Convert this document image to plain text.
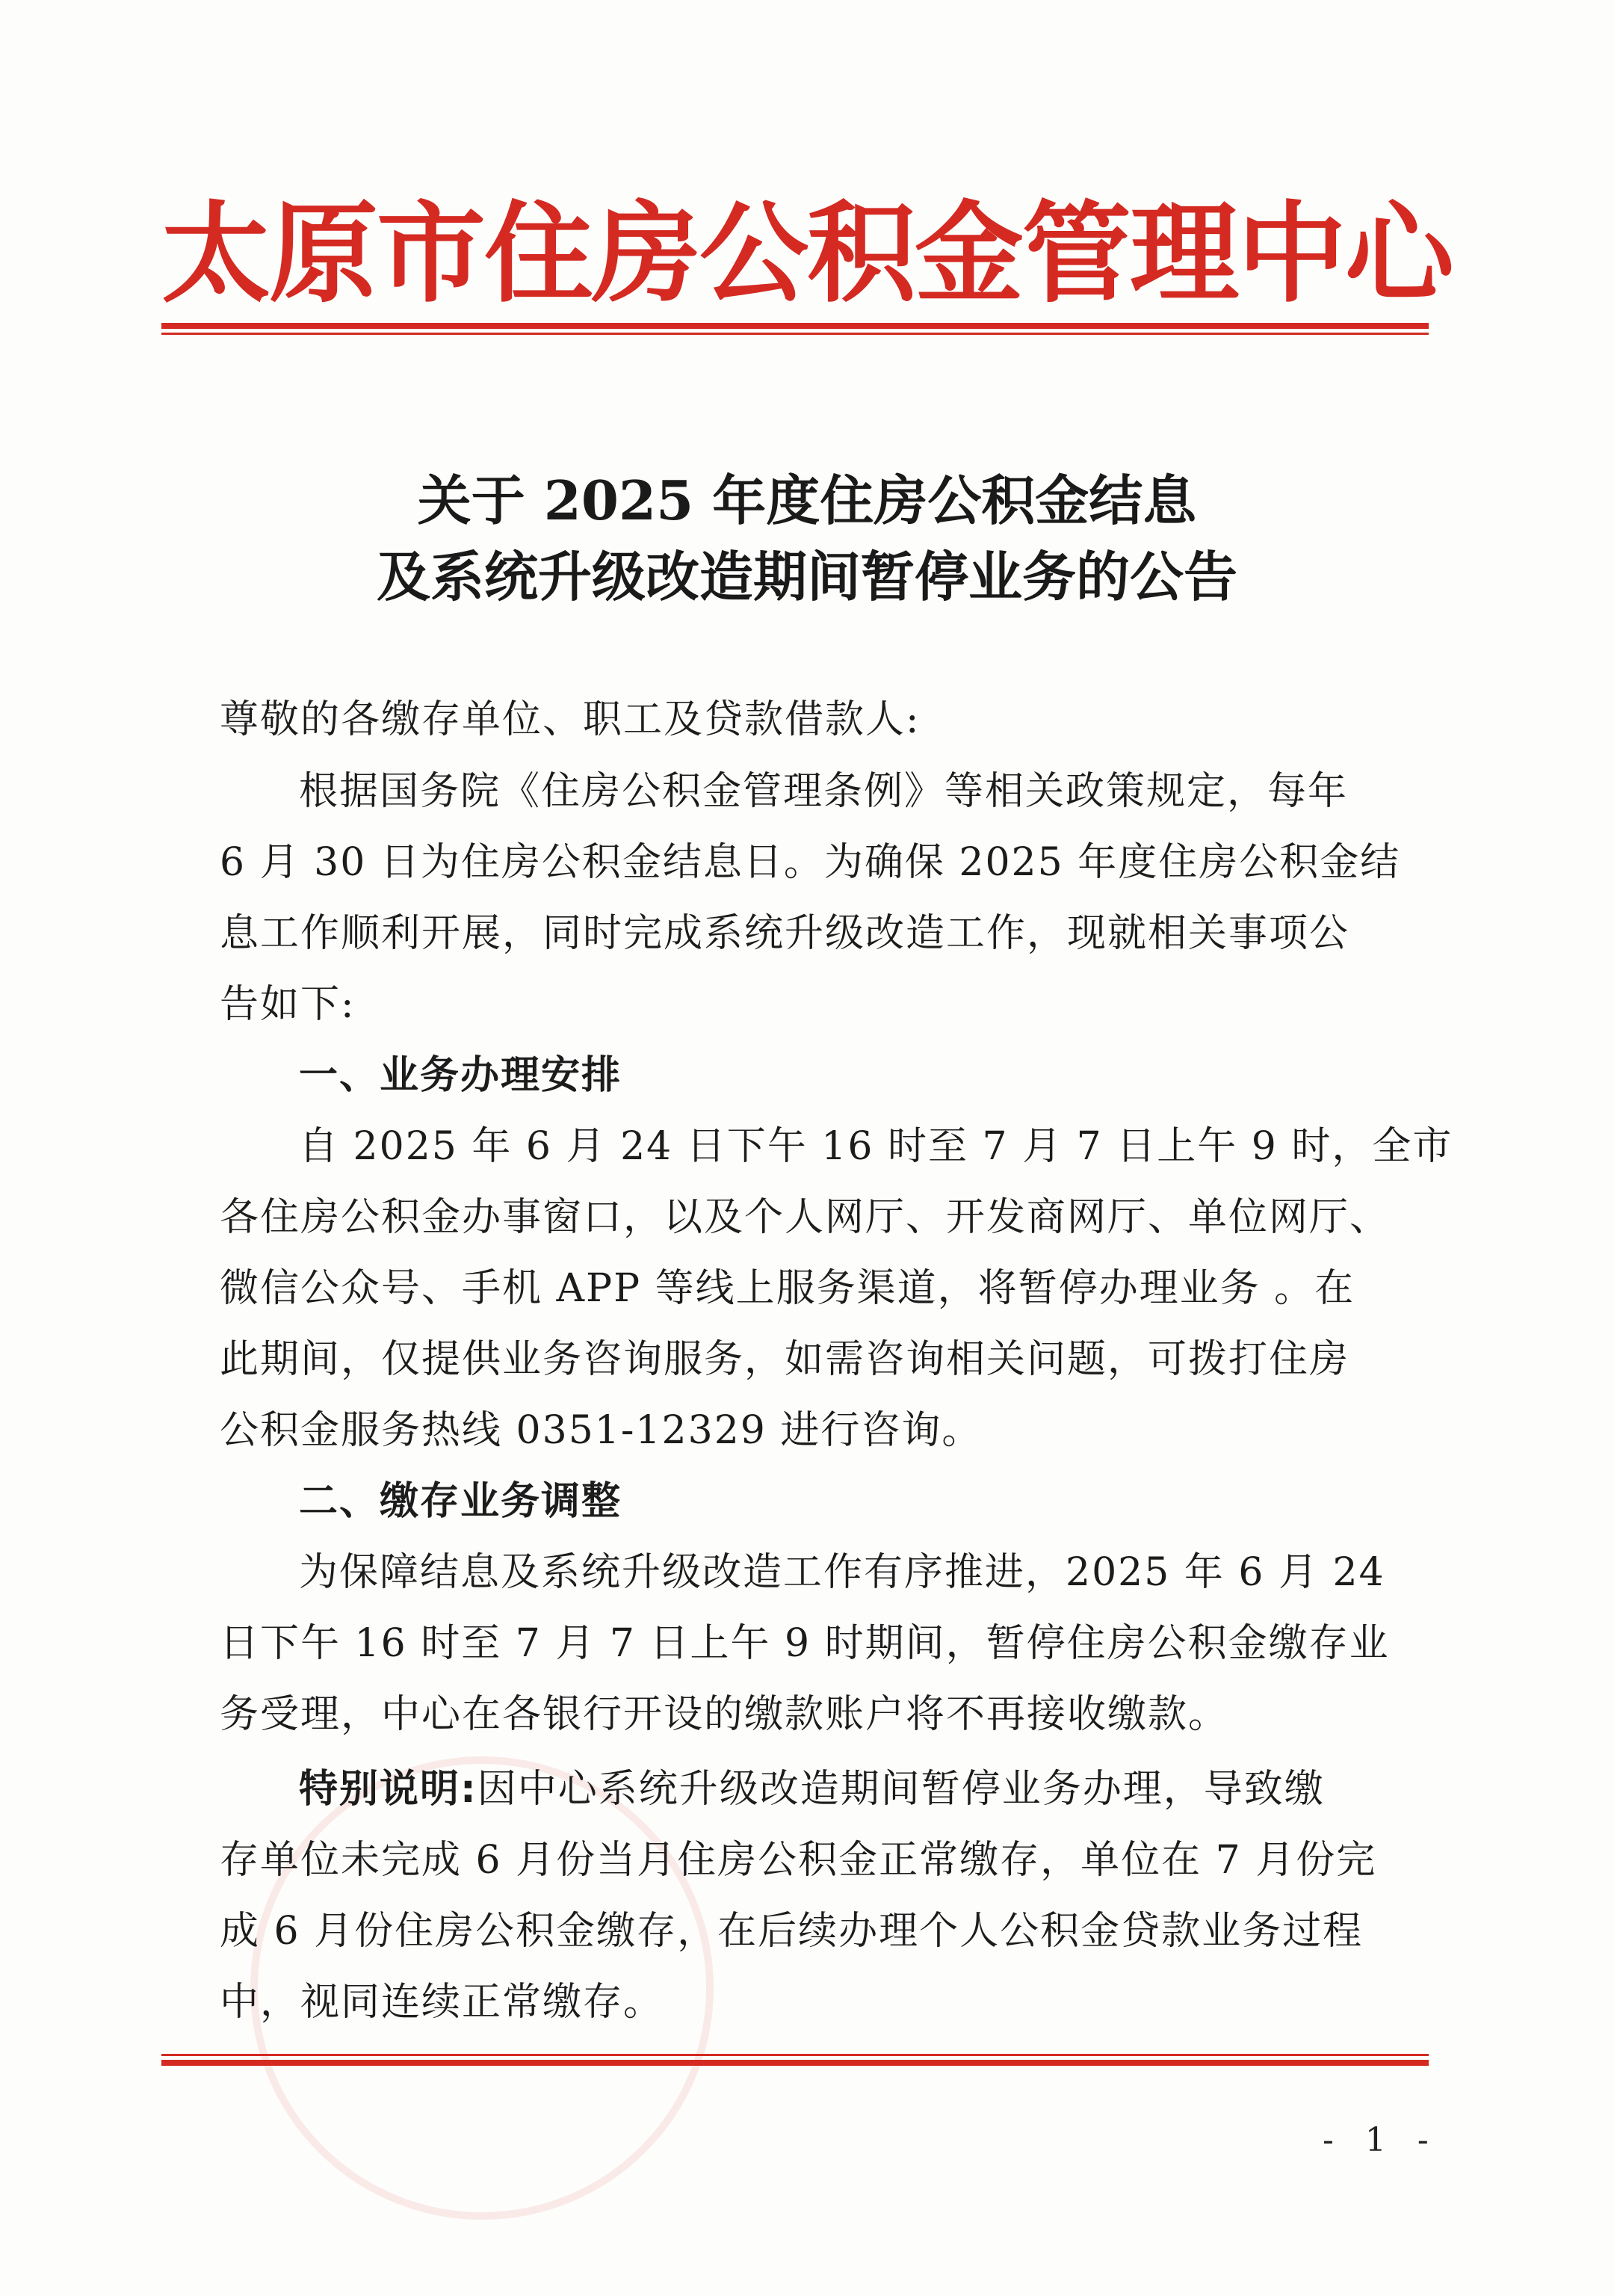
太原市住房公积金管理中心
关于 2025 年度住房公积金结息
及系统升级改造期间暂停业务的公告
尊敬的各缴存单位、职工及贷款借款人:
根据国务院《住房公积金管理条例》等相关政策规定，每年
6 月 30 日为住房公积金结息日。为确保 2025 年度住房公积金结
息工作顺利开展，同时完成系统升级改造工作，现就相关事项公
告如下:
一、业务办理安排
自 2025 年 6 月 24 日下午 16 时至 7 月 7 日上午 9 时，全市
各住房公积金办事窗口，以及个人网厅、开发商网厅、单位网厅、
微信公众号、手机 APP 等线上服务渠道，将暂停办理业务 。在
此期间，仅提供业务咨询服务，如需咨询相关问题，可拨打住房
公积金服务热线 0351-12329 进行咨询。
二、缴存业务调整
为保障结息及系统升级改造工作有序推进，2025 年 6 月 24
日下午 16 时至 7 月 7 日上午 9 时期间，暂停住房公积金缴存业
务受理，中心在各银行开设的缴款账户将不再接收缴款。
特别说明:因中心系统升级改造期间暂停业务办理，导致缴
存单位未完成 6 月份当月住房公积金正常缴存，单位在 7 月份完
成 6 月份住房公积金缴存，在后续办理个人公积金贷款业务过程
中，视同连续正常缴存。
- 1 -
